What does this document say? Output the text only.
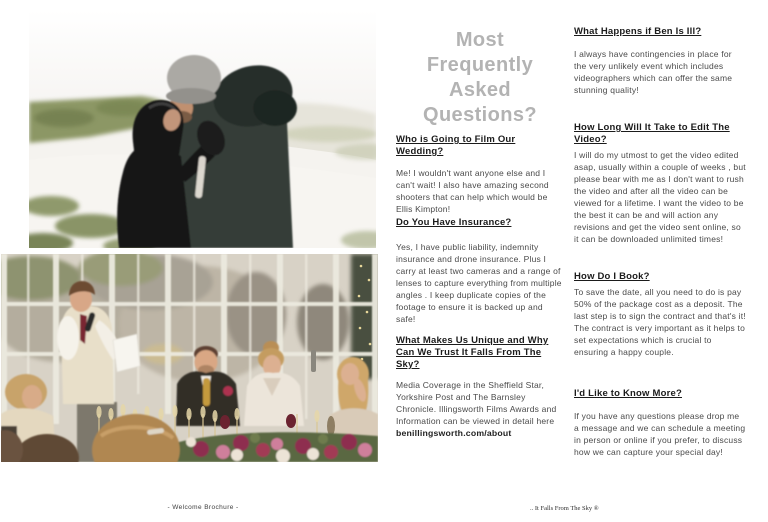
Most Frequently Asked Questions?
Who is Going to Film Our Wedding?

Me! I wouldn't want anyone else and I can't wait! I also have amazing second shooters that can help which would be Ellis Kimpton!

Do You Have Insurance?

Yes, I have public liability, indemnity insurance and drone insurance. Plus I carry at least two cameras and a range of lenses to capture everything from multiple angles . I keep duplicate copies of the footage to ensure it is backed up and safe!

What Makes Us Unique and Why Can We Trust It Falls From The Sky?

Media Coverage in the Sheffield Star, Yorkshire Post and The Barnsley Chronicle. Illingsworth Films Awards and Information can be viewed in detail here
benillingsworth.com/about

What Happens if Ben Is Ill?

I always have contingencies in place for the very unlikely event which includes videographers which can offer the same stunning quality!

How Long Will It Take to Edit The Video?

I will do my utmost to get the video edited asap, usually within a couple of weeks , but please bear with me as I don't want to rush the video and after all the video can be viewed for a lifetime. I want the video to be the best it can be and will action any revisions and get the video sent online, so it can be downloaded unlimited times!

How Do I Book?

To save the date, all you need to do is pay 50% of the package cost as a deposit. The last step is to sign the contract and that's it! The contract is very important as it helps to set expectations which is crucial to ensuring a happy couple.

I'd Like to Know More?

If you have any questions please drop me a message and we can schedule a meeting in person or online if you prefer, to discuss how we can capture your special day!

- Welcome Brochure -	.. It Falls From The Sky ®
